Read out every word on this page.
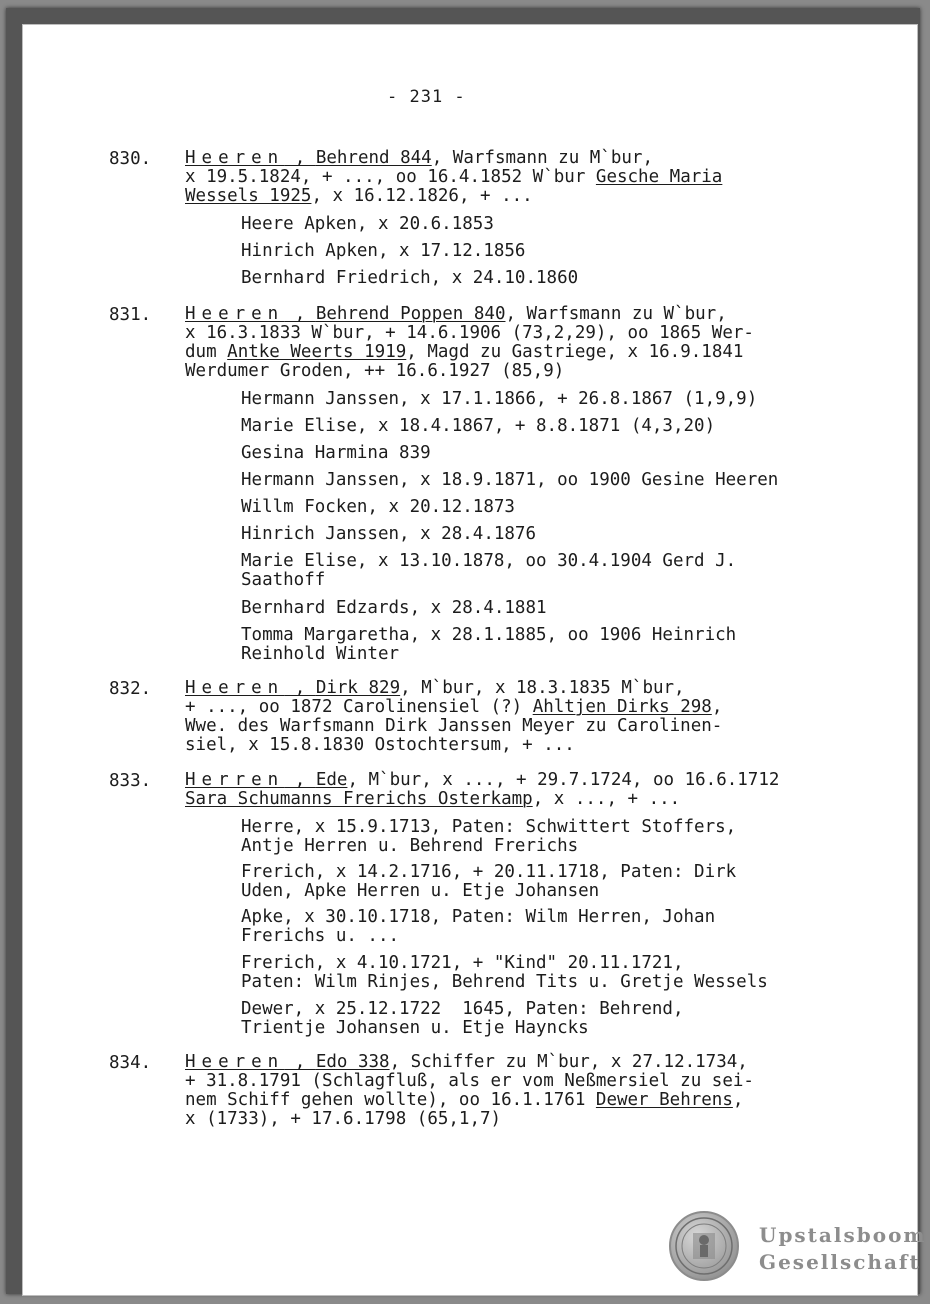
- 231 -
830. Heeren , Behrend 844, Warfsmann zu M`bur,
x 19.5.1824, + ..., oo 16.4.1852 W`bur Gesche Maria
Wessels 1925, x 16.12.1826, + ...
Heere Apken, x 20.6.1853
Hinrich Apken, x 17.12.1856
Bernhard Friedrich, x 24.10.1860
831. Heeren , Behrend Poppen 840, Warfsmann zu W`bur,
x 16.3.1833 W`bur, + 14.6.1906 (73,2,29), oo 1865 Wer-
dum Antke Weerts 1919, Magd zu Gastriege, x 16.9.1841
Werdumer Groden, ++ 16.6.1927 (85,9)
Hermann Janssen, x 17.1.1866, + 26.8.1867 (1,9,9)
Marie Elise, x 18.4.1867, + 8.8.1871 (4,3,20)
Gesina Harmina 839
Hermann Janssen, x 18.9.1871, oo 1900 Gesine Heeren
Willm Focken, x 20.12.1873
Hinrich Janssen, x 28.4.1876
Marie Elise, x 13.10.1878, oo 30.4.1904 Gerd J.
Saathoff
Bernhard Edzards, x 28.4.1881
Tomma Margaretha, x 28.1.1885, oo 1906 Heinrich
Reinhold Winter
832. Heeren , Dirk 829, M`bur, x 18.3.1835 M`bur,
+ ..., oo 1872 Carolinensiel (?) Ahltjen Dirks 298,
Wwe. des Warfsmann Dirk Janssen Meyer zu Carolinen-
siel, x 15.8.1830 Ostochtersum, + ...
833. Herren , Ede, M`bur, x ..., + 29.7.1724, oo 16.6.1712
Sara Schumanns Frerichs Osterkamp, x ..., + ...
Herre, x 15.9.1713, Paten: Schwittert Stoffers,
Antje Herren u. Behrend Frerichs
Frerich, x 14.2.1716, + 20.11.1718, Paten: Dirk
Uden, Apke Herren u. Etje Johansen
Apke, x 30.10.1718, Paten: Wilm Herren, Johan
Frerichs u. ...
Frerich, x 4.10.1721, + "Kind" 20.11.1721,
Paten: Wilm Rinjes, Behrend Tits u. Gretje Wessels
Dewer, x 25.12.1722  1645, Paten: Behrend,
Trientje Johansen u. Etje Hayncks
834. Heeren , Edo 338, Schiffer zu M`bur, x 27.12.1734,
+ 31.8.1791 (Schlagfluß, als er vom Neßmersiel zu sei-
nem Schiff gehen wollte), oo 16.1.1761 Dewer Behrens,
x (1733), + 17.6.1798 (65,1,7)
Upstalsboom
Gesellschaft
